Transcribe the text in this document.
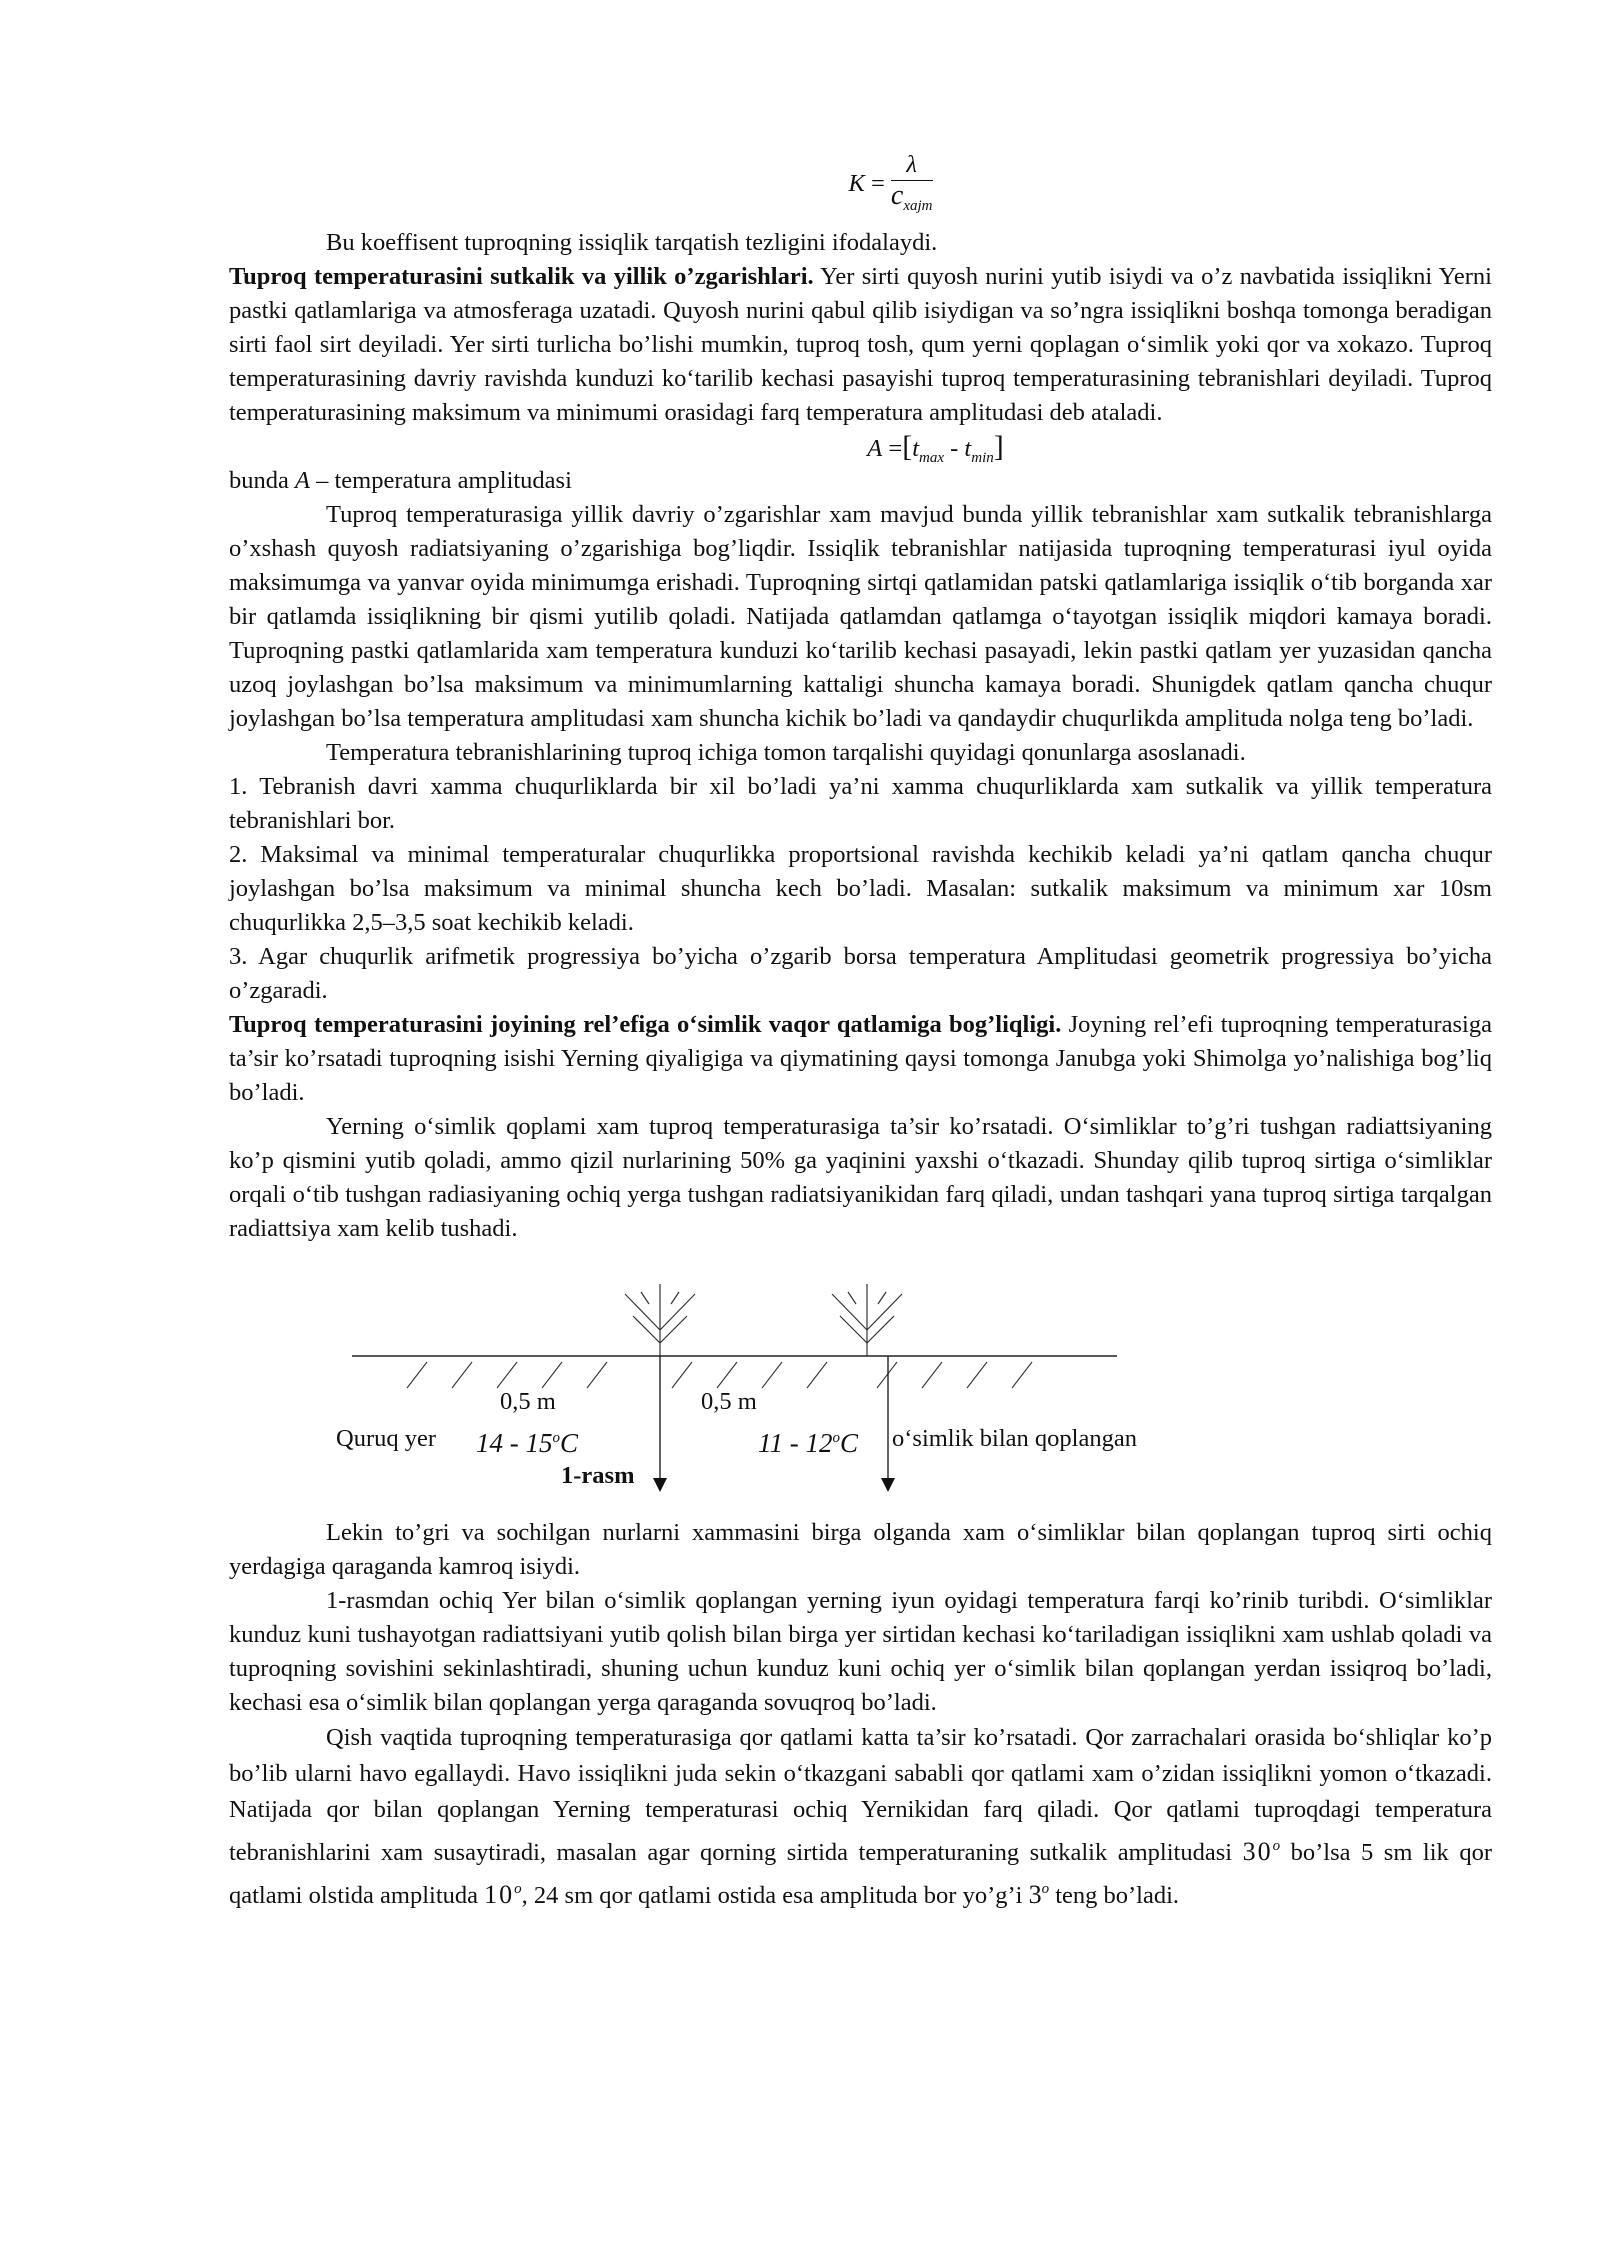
$K = \frac{\lambda}{c_{xajm}}$

Bu koeffisent tuproqning issiqlik tarqatish tezligini ifodalaydi.

Tuproq temperaturasini sutkalik va yillik o’zgarishlari. Yer sirti quyosh nurini yutib isiydi va o’z navbatida issiqlikni Yerni pastki qatlamlariga va atmosferaga uzatadi. Quyosh nurini qabul qilib isiydigan va so’ngra issiqlikni boshqa tomonga beradigan sirti faol sirt deyiladi. Yer sirti turlicha bo’lishi mumkin, tuproq tosh, qum yerni qoplagan o‘simlik yoki qor va xokazo. Tuproq temperaturasining davriy ravishda kunduzi ko‘tarilib kechasi pasayishi tuproq temperaturasining tebranishlari deyiladi. Tuproq temperaturasining maksimum va minimumi orasidagi farq temperatura amplitudasi deb ataladi.

$A =[t_{max} - t_{min}]$

bunda A – temperatura amplitudasi

Tuproq temperaturasiga yillik davriy o’zgarishlar xam mavjud bunda yillik tebranishlar xam sutkalik tebranishlarga o’xshash quyosh radiatsiyaning o’zgarishiga bog’liqdir. Issiqlik tebranishlar natijasida tuproqning temperaturasi iyul oyida maksimumga va yanvar oyida minimumga erishadi. Tuproqning sirtqi qatlamidan patski qatlamlariga issiqlik o‘tib borganda xar bir qatlamda issiqlikning bir qismi yutilib qoladi. Natijada qatlamdan qatlamga o‘tayotgan issiqlik miqdori kamaya boradi. Tuproqning pastki qatlamlarida xam temperatura kunduzi ko‘tarilib kechasi pasayadi, lekin pastki qatlam yer yuzasidan qancha uzoq joylashgan bo’lsa maksimum va minimumlarning kattaligi shuncha kamaya boradi. Shunigdek qatlam qancha chuqur joylashgan bo’lsa temperatura amplitudasi xam shuncha kichik bo’ladi va qandaydir chuqurlikda amplituda nolga teng bo’ladi.

Temperatura tebranishlarining tuproq ichiga tomon tarqalishi quyidagi qonunlarga asoslanadi.

1. Tebranish davri xamma chuqurliklarda bir xil bo’ladi ya’ni xamma chuqurliklarda xam sutkalik va yillik temperatura tebranishlari bor.

2. Maksimal va minimal temperaturalar chuqurlikka proportsional ravishda kechikib keladi ya’ni qatlam qancha chuqur joylashgan bo’lsa maksimum va minimal shuncha kech bo’ladi. Masalan: sutkalik maksimum va minimum xar 10sm chuqurlikka 2,5–3,5 soat kechikib keladi.

3. Agar chuqurlik arifmetik progressiya bo’yicha o’zgarib borsa temperatura Amplitudasi geometrik progressiya bo’yicha o’zgaradi.

Tuproq temperaturasini joyining rel’efiga o‘simlik vaqor qatlamiga bog’liqligi. Joyning rel’efi tuproqning temperaturasiga ta’sir ko’rsatadi tuproqning isishi Yerning qiyaligiga va qiymatining qaysi tomonga Janubga yoki Shimolga yo’nalishiga bog’liq bo’ladi.

Yerning o‘simlik qoplami xam tuproq temperaturasiga ta’sir ko’rsatadi. O‘simliklar to’g’ri tushgan radiattsiyaning ko’p qismini yutib qoladi, ammo qizil nurlarining 50% ga yaqinini yaxshi o‘tkazadi. Shunday qilib tuproq sirtiga o‘simliklar orqali o‘tib tushgan radiasiyaning ochiq yerga tushgan radiatsiyanikidan farq qiladi, undan tashqari yana tuproq sirtiga tarqalgan radiattsiya xam kelib tushadi.

0,5 m	0,5 m
Quruq yer 14 - 15$^o$C	11 - 12$^o$C o‘simlik bilan qoplangan
1-rasm

Lekin to’gri va sochilgan nurlarni xammasini birga olganda xam o‘simliklar bilan qoplangan tuproq sirti ochiq yerdagiga qaraganda kamroq isiydi.

1-rasmdan ochiq Yer bilan o‘simlik qoplangan yerning iyun oyidagi temperatura farqi ko’rinib turibdi. O‘simliklar kunduz kuni tushayotgan radiattsiyani yutib qolish bilan birga yer sirtidan kechasi ko‘tariladigan issiqlikni xam ushlab qoladi va tuproqning sovishini sekinlashtiradi, shuning uchun kunduz kuni ochiq yer o‘simlik bilan qoplangan yerdan issiqroq bo’ladi, kechasi esa o‘simlik bilan qoplangan yerga qaraganda sovuqroq bo’ladi.

Qish vaqtida tuproqning temperaturasiga qor qatlami katta ta’sir ko’rsatadi. Qor zarrachalari orasida bo‘shliqlar ko’p bo’lib ularni havo egallaydi. Havo issiqlikni juda sekin o‘tkazgani sababli qor qatlami xam o’zidan issiqlikni yomon o‘tkazadi. Natijada qor bilan qoplangan Yerning temperaturasi ochiq Yernikidan farq qiladi. Qor qatlami tuproqdagi temperatura tebranishlarini xam susaytiradi, masalan agar qorning sirtida temperaturaning sutkalik amplitudasi 30$^o$ bo’lsa 5 sm lik qor qatlami olstida amplituda 10$^o$, 24 sm qor qatlami ostida esa amplituda bor yo’g’i 3$^o$ teng bo’ladi.
